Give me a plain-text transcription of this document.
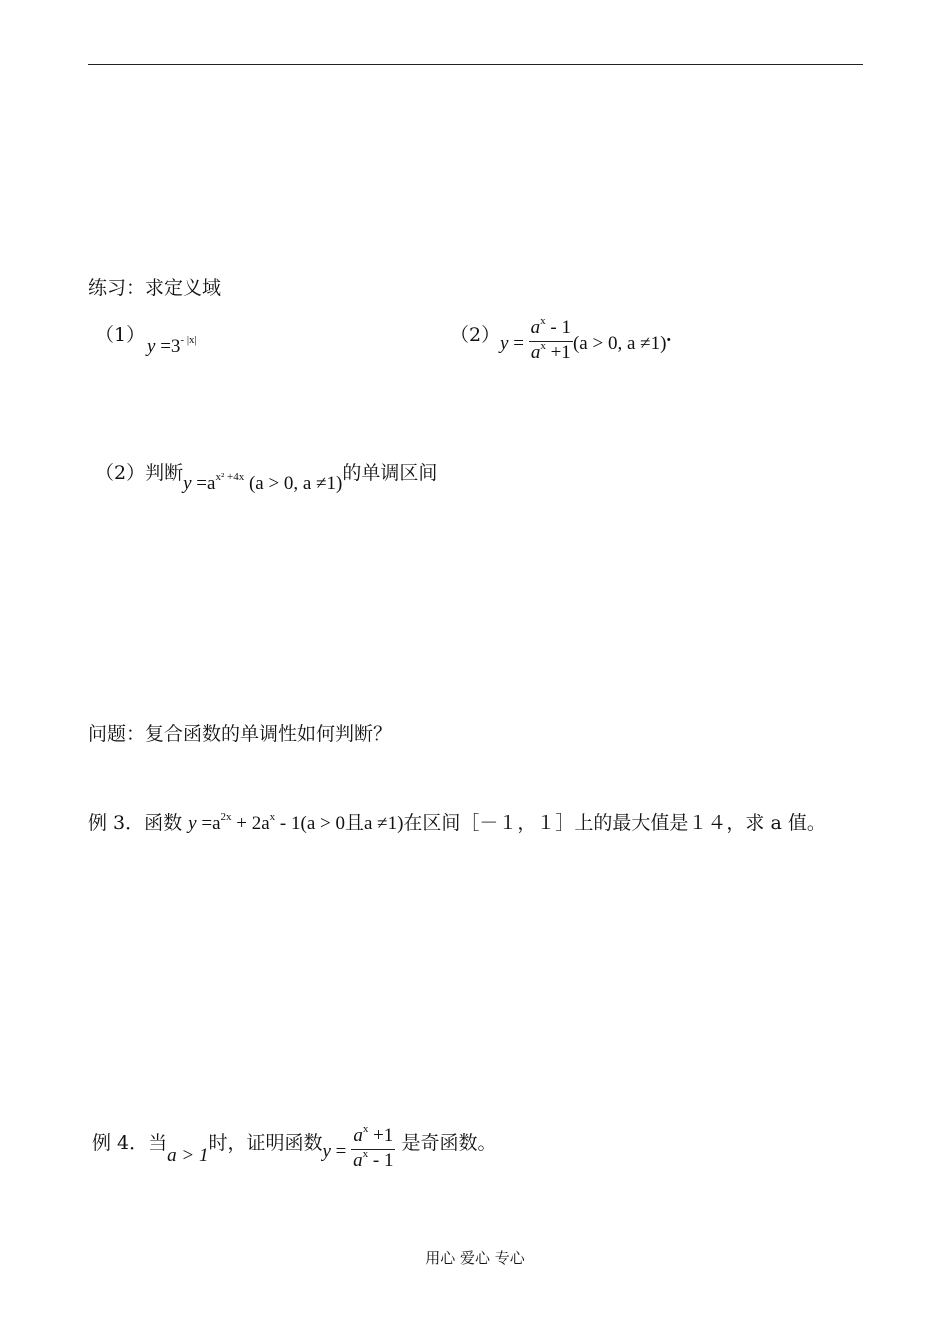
练习：求定义域
（1）
$y =3^{- |x|}$	（2） $y = \frac{a^x - 1}{a^x +1} (a > 0$, a ≠1).
（2）判断$y =a^{x^2 +4x}$ (a > 0, a ≠1)的单调区间
问题：复合函数的单调性如何判断？
例 3．函数 $y =a^{2x} + 2a^x - 1(a > 0$且a ≠1)在区间［－１，１］上的最大值是１４，求 a 值。
例 4．当a > 1时，证明函数$y = \frac{a^x +1}{a^x - 1}$ 是奇函数。
用心 爱心 专心
